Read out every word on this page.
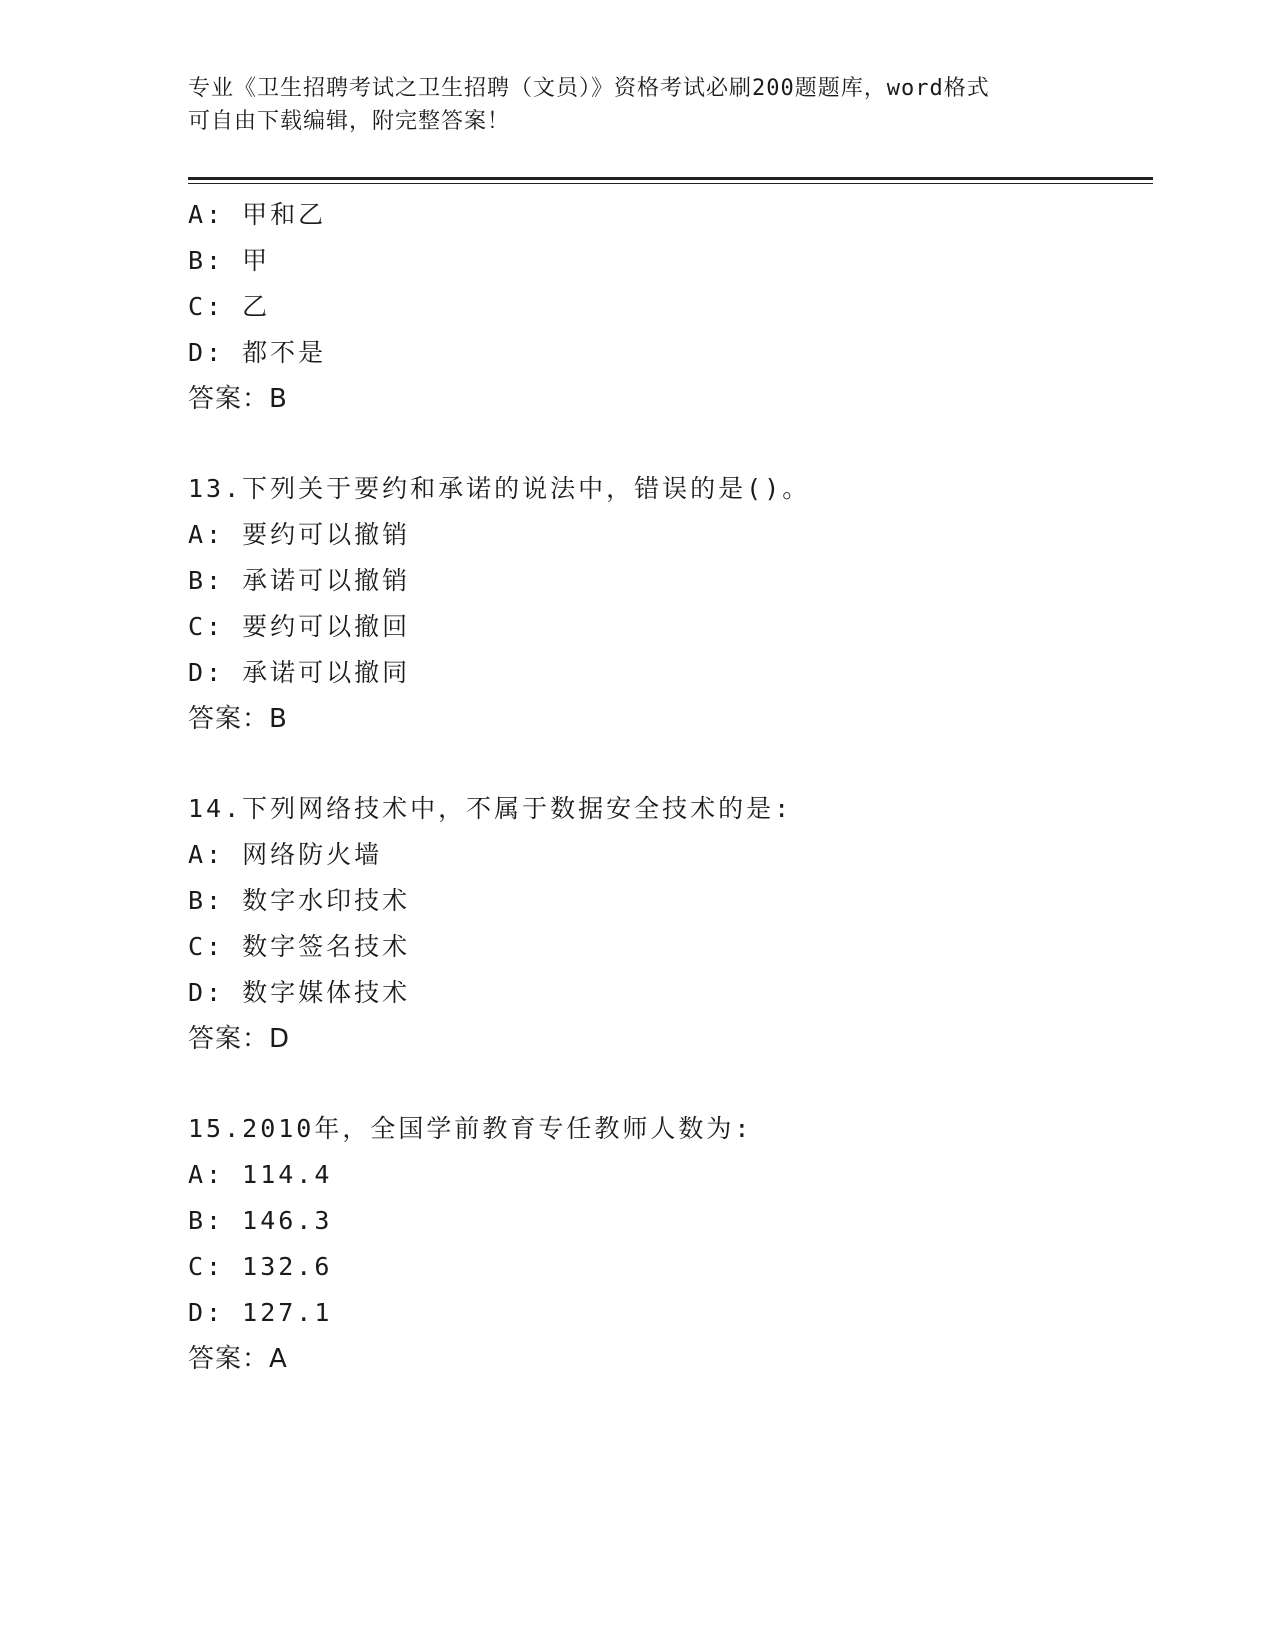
专业《卫生招聘考试之卫生招聘（文员）》资格考试必刷200题题库，word格式
可自由下载编辑，附完整答案！
A: 甲和乙
B: 甲
C: 乙
D: 都不是
答案：B
13.下列关于要约和承诺的说法中，错误的是()。
A: 要约可以撤销
B: 承诺可以撤销
C: 要约可以撤回
D: 承诺可以撤同
答案：B
14.下列网络技术中，不属于数据安全技术的是:
A: 网络防火墙
B: 数字水印技术
C: 数字签名技术
D: 数字媒体技术
答案：D
15.2010年，全国学前教育专任教师人数为:
A: 114.4
B: 146.3
C: 132.6
D: 127.1
答案：A
